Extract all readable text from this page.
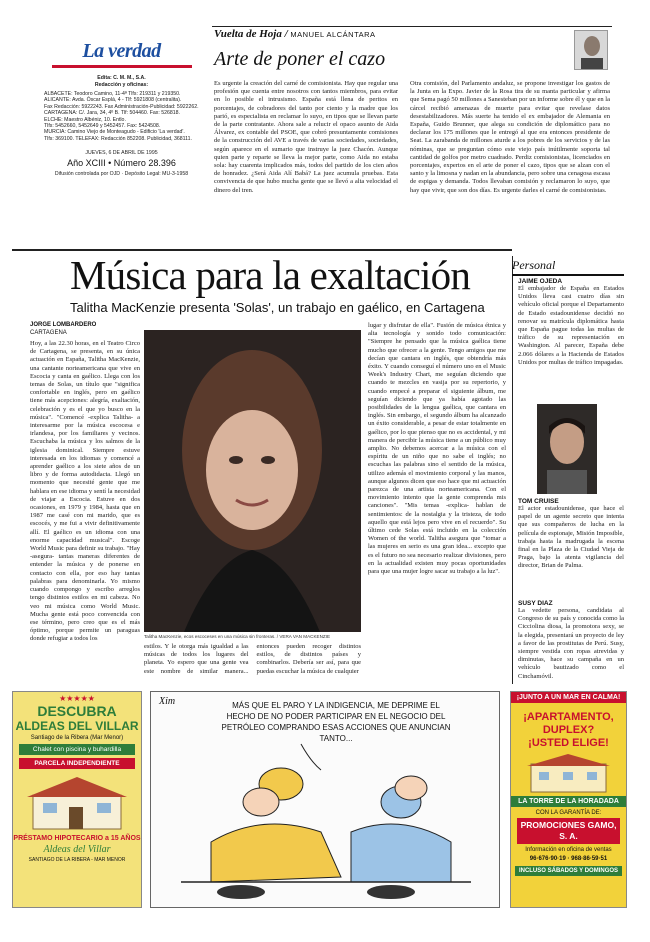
La verdad
Edita: C. M. M., S.A.
Redacción y oficinas:
ALBACETE: Teodoro Camino, 11-4ª Tlfs: 219311 y 219350.
ALICANTE: Avda. Óscar Esplá, 4 - Tlf: 5921808 (centralita).
Fax Redacción: 5922243. Fax Administración-Publicidad: 5922262.
CARTAGENA: C/. Jara, 34, 4º B. Tlf: 504460. Fax: 526818.
ELCHE: Maestro Albéniz, 10. Entlo.
Tlfs: 5452660, 5452649 y 5452457. Fax: 5424508.
MURCIA: Camino Viejo de Monteagudo - Edificio 'La verdad'.
Tlfs: 369100. TELEFAX: Redacción 852208. Publicidad, 368111.
JUEVES, 6 DE ABRIL DE 1995
Año XCIII • Número 28.396
Difusión controlada por OJD · Depósito Legal: MU-3-1958
Vuelta de Hoja / MANUEL ALCÁNTARA
Arte de poner el cazo

Es urgente la creación del carné de comisionista. Hay que regular una profesión que cuenta entre nosotros con tantos miembros, para evitar en lo posible el intrusismo. España está llena de peritos en porcentajes, de cobradores del tanto por ciento y la madre que los parió, es especialista en reclamar lo suyo, en tipos que se llevan parte de la parte contratante. Ahora sale a relucir el opaco asunto de Aida Álvarez, ex contable del PSOE, que cobró presuntamente comisiones de la construcción del AVE a través de varias sociedades, sociedades, según aparece en el sumario que instruye la juez Chacón. Aunque quien parte y reparte se lleva la mejor parte, como Aida no estaba sola: hay cuarenta implicados más, todos del partido de los cien años de honradez. ¿Será Aida Alí Babá? La juez acumula pruebas. Esta convivencia de que hubo mucha gente que se llevó a alta velocidad el dinero del tren.

Otra comisión, del Parlamento andaluz, se propone investigar los gastos de la Junta en la Expo. Javier de la Rosa tira de su manta particular y afirma que Sema pagó 50 millones a Sanesteban por un informe sobre él y que en la cárcel recibió amenazas de muerte para evitar que revelase datos desestabilizadores. Más suerte ha tenido el ex embajador de Alemania en España, Guido Brunner, que alega su condición de diplomático para no declarar los 175 millones que le entregó al que era entonces presidente de Seat. La zarabanda de millones aturde a los pobres de los servicios y de las nóminas, que se preguntan cómo este viejo país inútilmente soporta tal cantidad de golfos por metro cuadrado. Perdiz comisionistas, licenciados en porcentajes, expertos en el arte de poner el cazo, tipos que se alzan con el santo y la limosna y nadan en la abundancia, pero sobre una cenagosa escasa de espigas y demanda. Todos llevaban comisión y reclamaron lo suyo, que hay que vivir, que son dos días. Es urgente darles el carné de comisionistas.

Música para la exaltación
Talitha MacKenzie presenta 'Solas', un trabajo en gaélico, en Cartagena
JORGE LOMBARDERO
CARTAGENA

Hoy, a las 22.30 horas, en el Teatro Circo de Cartagena, se presenta, en su única actuación en España, Talitha MacKenzie, una cantante norteamericana que vive en Escocia y canta en gaélico. Llega con los temas de Solas, un título que "significa confortable en inglés, pero en gaélico tiene más acepciones: alegría, exaltación, celebración y es el que yo busco en la música". "Comencé -explica Talitha- a interesarme por la música escocesa e irlandesa, por los familiares y vecinos. Escuchaba la música y los salmos de la iglesia dominical. Siempre estuve interesada en los idiomas y comencé a aprender gaélico a los siete años de un libro y de forma autodidacta. Llegó un momento que necesité gente que me hablara en ese idioma y sentí la necesidad de viajar a Escocia. Estuve en dos ocasiones, en 1979 y 1984, hasta que en 1987 me casé con mi marido, que es escocés, y me fui a vivir definitivamente allí. El gaélico es un idioma con una enorme capacidad musical". Escoge World Music para definir su trabajo. "Hay -asegura- tantas maneras diferentes de entender la música y de ponerse en contacto con ella, por eso hay tantas palabras para denominarla. Yo mismo cuando compongo y escribo arreglos tengo distintos estilos en mi cabeza. No veo mi música como World Music. Mucha gente está poco convencida con ese término, pero creo que es el más óptimo, porque permite un paraguas donde refugiar a todos los	Talitha MacKenzie, ecos escoceses en una música sin fronteras. / VERA VAN MACKENZIE

estilos. Y le otorga más igualdad a las músicas de todos los lugares del planeta. Yo espero que una gente vea este nombre de similar manera... entonces pueden recoger distintos estilos, de distintos países y combinarlos. Debería ser así, para que puedas escuchar la música de cualquier

lugar y disfrutar de ella". Fusión de música étnica y alta tecnología y sonido todo comunicación: "Siempre he pensado que la música gaélica tiene mucho que ofrecer a la gente. Tengo amigos que me decían que cantara en inglés, que obtendría más éxito. Y cuando conseguí el número uno en el Music Week's Industry Chart, me seguían diciendo que cuando te mezcles en vasija por su repertorio, y cuando empecé a preparar el siguiente álbum, me seguían diciendo que ya había agotado las posibilidades de la lengua gaélica, que cantara en inglés. Sin embargo, el segundo álbum ha alcanzado un éxito considerable, a pesar de estar totalmente en gaélico, por lo que pienso que no es accidental, y mi manera de percibir la música tiene a un público muy amplio. No debemos acercar a la música con el espíritu de un niño que no sabe el inglés; no escuchas las palabras sino el sentido de la música, utilizo además el movimiento corporal y las manos, aunque algunos dicen que eso hace que mi actuación parezca de una artista norteamericana. Con el movimiento intento que la gente comprenda mis canciones". "Mis temas -explica- hablan de sentimientos: de la nostalgia y la tristeza, de todo aquello que está lejos pero vive en el recuerdo". Su último cede Solas está incluido en la colección Women of the world. Talitha asegura que "tomar a las mujeres en serio es una gran idea... excepto que es el futuro no sea necesario realizar divisiones, pero en la actualidad existen muy pocas oportunidades para que una mujer logre sacar su trabajo a la luz".

Personal
JAIME OJEDA
El embajador de España en Estados Unidos lleva casi cuatro días sin vehículo oficial porque el Departamento de Estado estadounidense decidió no renovar su matrícula diplomática hasta que España pague todas las multas de tráfico de su representación en Washington. Al parecer, España debe 2.066 dólares a la Hacienda de Estados Unidos por multas de tráfico impagadas.
TOM CRUISE
El actor estadounidense, que hace el papel de un agente secreto que intenta que sus compañeros de lucha en la película de espionaje, Misión Imposible, trabaja hasta la madrugada la escena final en la Plaza de la Ciudad Vieja de Praga, bajo la atenta vigilancia del director, Brian de Palma.
SUSY DIAZ
La vedette persona, candidata al Congreso de su país y conocida como la Cicciolina diosa, la promotora sexy, se la elegida, presentará un proyecto de ley a favor de las prostitutas de Perú. Susy, siempre vestida con ropas atrevidas y diminutas, hace su campaña en un vehículo bautizado como el Cinchamóvil.
★★★★★
DESCUBRA
ALDEAS DEL VILLAR
Santiago de la Ribera (Mar Menor)
Chalet con piscina y buhardilla
PARCELA INDEPENDIENTE
PRÉSTAMO HIPOTECARIO a 15 AÑOS
Aldeas del Villar
SANTIAGO DE LA RIBERA - MAR MENOR
Xim	MÁS QUE EL PARO Y LA INDIGENCIA, ME DEPRIME EL HECHO DE NO PODER PARTICIPAR EN EL NEGOCIO DEL PETRÓLEO COMPRANDO ESAS ACCIONES QUE ANUNCIAN TANTO...
¡JUNTO A UN MAR EN CALMA!
¡APARTAMENTO, DUPLEX?
¡USTED ELIGE!
LA TORRE DE LA HORADADA
CON LA GARANTÍA DE:
PROMOCIONES GAMO, S. A.
Información en oficina de ventas
96·676·90·19 · 968·86·59·51
INCLUSO SÁBADOS Y DOMINGOS
